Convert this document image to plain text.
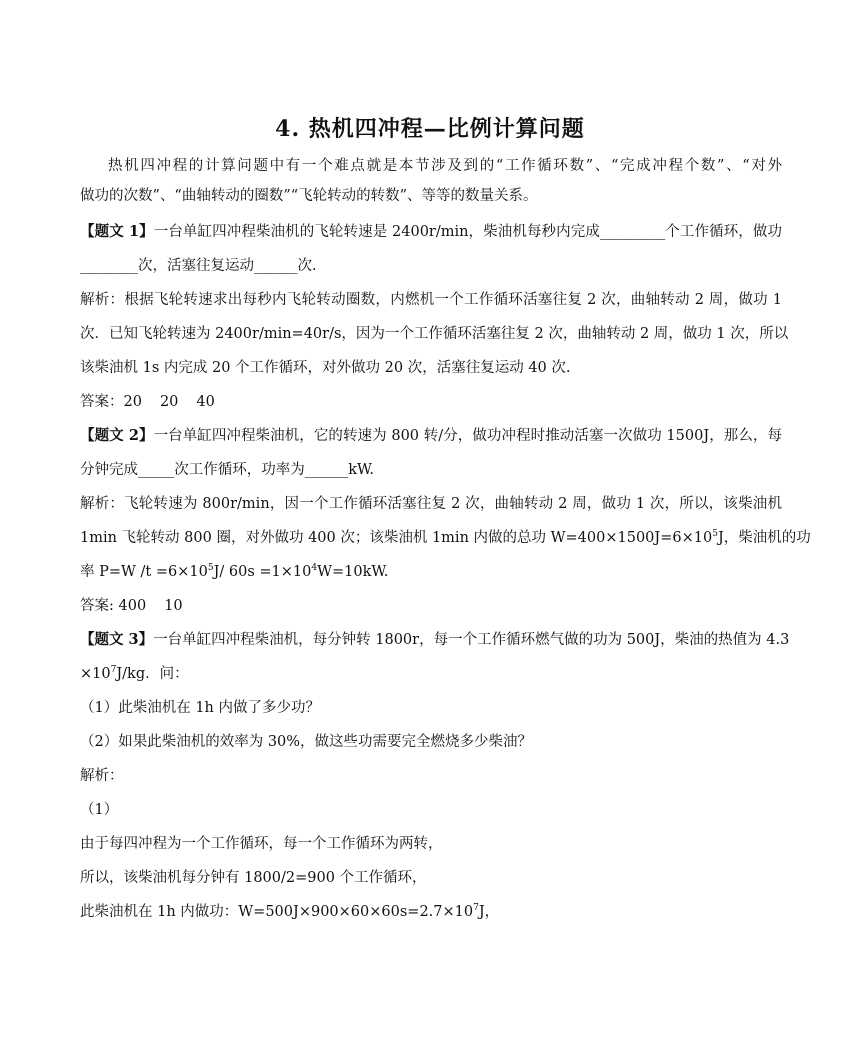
4. 热机四冲程—比例计算问题
热机四冲程的计算问题中有一个难点就是本节涉及到的“工作循环数”、“完成冲程个数”、“对外
做功的次数”、“曲轴转动的圈数”“飞轮转动的转数”、等等的数量关系。
【题文 1】一台单缸四冲程柴油机的飞轮转速是 2400r/min，柴油机每秒内完成_________个工作循环，做功
________次，活塞往复运动______次.
解析：根据飞轮转速求出每秒内飞轮转动圈数，内燃机一个工作循环活塞往复 2 次，曲轴转动 2 周，做功 1
次．已知飞轮转速为 2400r/min=40r/s，因为一个工作循环活塞往复 2 次，曲轴转动 2 周，做功 1 次，所以
该柴油机 1s 内完成 20 个工作循环，对外做功 20 次，活塞往复运动 40 次.
答案：20 20 40
【题文 2】一台单缸四冲程柴油机，它的转速为 800 转/分，做功冲程时推动活塞一次做功 1500J，那么，每
分钟完成_____次工作循环，功率为______kW.
解析：飞轮转速为 800r/min，因一个工作循环活塞往复 2 次，曲轴转动 2 周，做功 1 次，所以，该柴油机
1min 飞轮转动 800 圈，对外做功 400 次；该柴油机 1min 内做的总功 $W=400\times 1500J=6\times 10^5J$，柴油机的功
率 P=W $/t =6\times 10^5J/$ $60s =1\times 10^4W=10kW$.
答案: 400 10
【题文 3】一台单缸四冲程柴油机，每分钟转 1800r，每一个工作循环燃气做的功为 500J，柴油的热值为 4.3
$\times 10^7J/kg$．问：
（1）此柴油机在 1h 内做了多少功？
（2）如果此柴油机的效率为 30%，做这些功需要完全燃烧多少柴油？
解析：
（1）
由于每四冲程为一个工作循环，每一个工作循环为两转，
所以，该柴油机每分钟有 1800/2=900 个工作循环，
此柴油机在 1h 内做功：$W=500J\times 900\times 60\times 60s=2.7\times 10^7J$，
